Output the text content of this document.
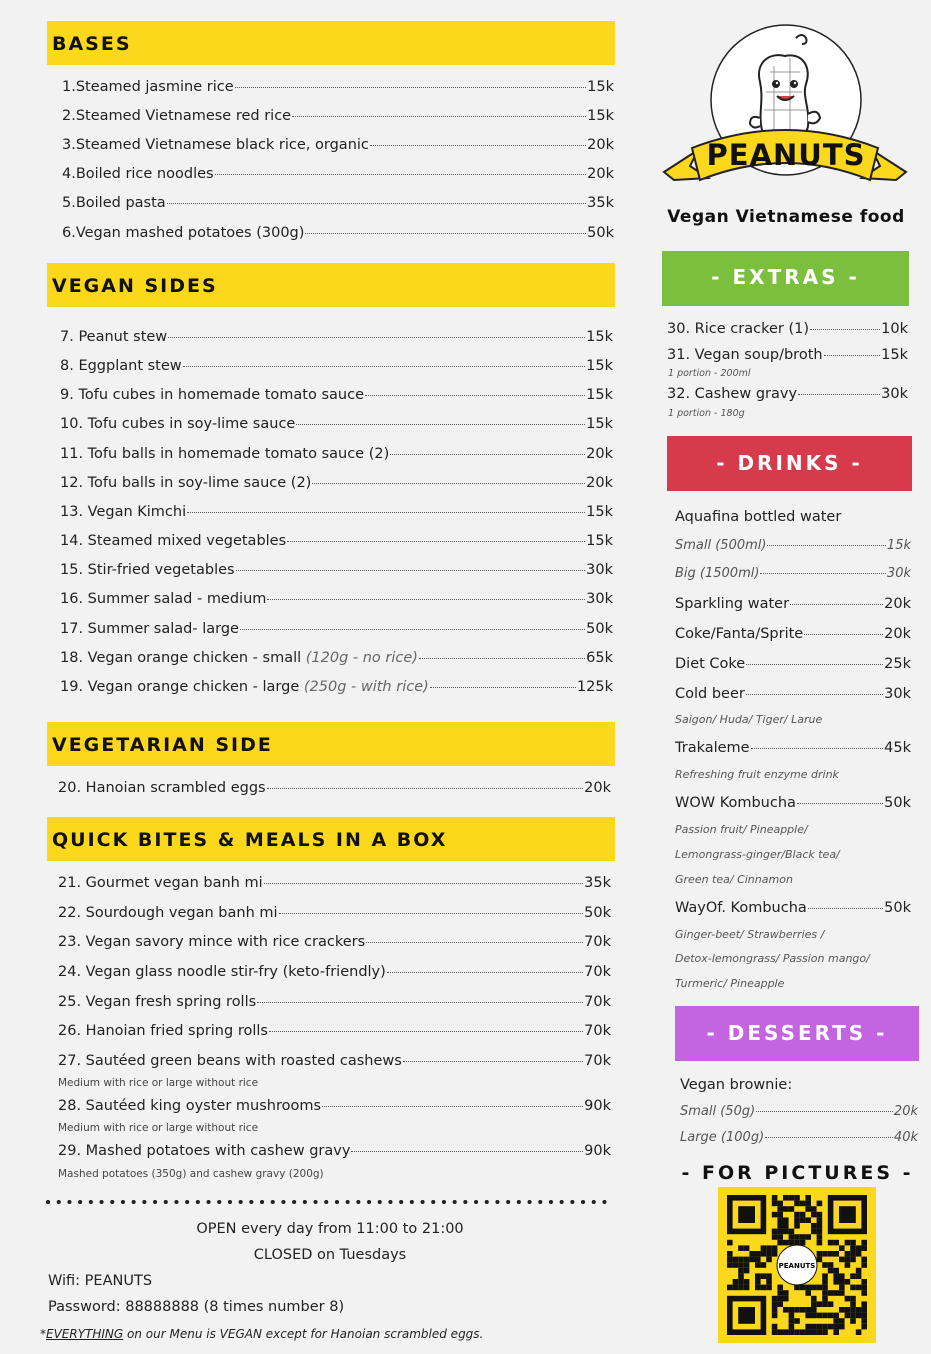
BASES
1.Steamed jasmine rice	15k
2.Steamed Vietnamese red rice	15k
3.Steamed Vietnamese black rice, organic	20k
4.Boiled rice noodles	20k
5.Boiled pasta	35k
6.Vegan mashed potatoes (300g)	50k
VEGAN SIDES
7. Peanut stew	15k
8. Eggplant stew	15k
9. Tofu cubes in homemade tomato sauce	15k
10. Tofu cubes in soy-lime sauce	15k
11. Tofu balls in homemade tomato sauce (2)	20k
12. Tofu balls in soy-lime sauce (2)	20k
13. Vegan Kimchi	15k
14. Steamed mixed vegetables	15k
15. Stir-fried vegetables	30k
16. Summer salad - medium	30k
17. Summer salad- large	50k
18. Vegan orange chicken - small (120g - no rice)	65k
19. Vegan orange chicken - large (250g - with rice)	125k
VEGETARIAN SIDE
20. Hanoian scrambled eggs	20k
QUICK BITES & MEALS IN A BOX
21. Gourmet vegan banh mi	35k
22. Sourdough vegan banh mi	50k
23. Vegan savory mince with rice crackers	70k
24. Vegan glass noodle stir-fry (keto-friendly)	70k
25. Vegan fresh spring rolls	70k
26. Hanoian fried spring rolls	70k
27. Sautéed green beans with roasted cashews	70k
28. Sautéed king oyster mushrooms	90k
29. Mashed potatoes with cashew gravy	90k
Medium with rice or large without rice
Medium with rice or large without rice
Mashed potatoes (350g) and cashew gravy (200g)
OPEN every day from 11:00 to 21:00
CLOSED on Tuesdays
Wifi: PEANUTS
Password: 88888888 (8 times number 8)
*EVERYTHING on our Menu is VEGAN except for Hanoian scrambled eggs.
PEANUTS
Vegan Vietnamese food
- EXTRAS -
30. Rice cracker (1)	10k
31. Vegan soup/broth	15k
32. Cashew gravy	30k
1 portion - 200ml
1 portion - 180g
- DRINKS -
Aquafina bottled water
Small (500ml)	15k
Big (1500ml)	30k
Sparkling water	20k
Coke/Fanta/Sprite	20k
Diet Coke	25k
Cold beer	30k
Trakaleme	45k
WOW Kombucha	50k
WayOf. Kombucha	50k
Saigon/ Huda/ Tiger/ Larue
Refreshing fruit enzyme drink
Passion fruit/ Pineapple/
Lemongrass-ginger/Black tea/
Green tea/ Cinnamon
Ginger-beet/ Strawberries /
Detox-lemongrass/ Passion mango/
Turmeric/ Pineapple
- DESSERTS -
Vegan brownie:
Small (50g)	20k
Large (100g)	40k
- FOR PICTURES -
PEANUTS
